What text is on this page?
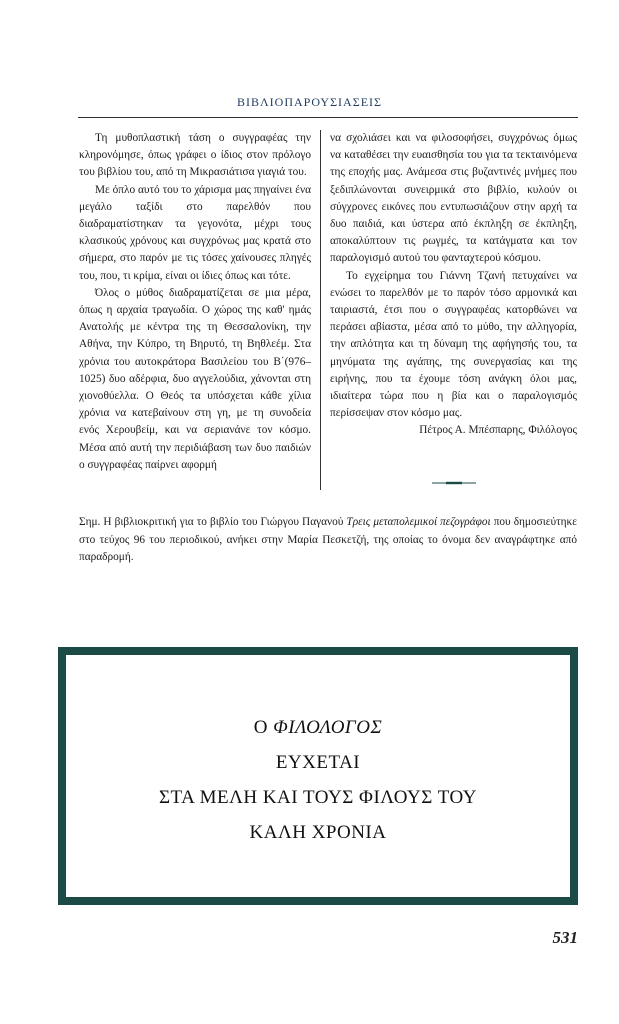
ΒΙΒΛΙΟΠΑΡΟΥΣΙΑΣΕΙΣ

Τη μυθοπλαστική τάση ο συγγραφέας την κληρονόμησε, όπως γράφει ο ίδιος στον πρόλογο του βιβλίου του, από τη Μικρασιάτισα γιαγιά του.

Με όπλο αυτό του το χάρισμα μας πηγαίνει ένα μεγάλο ταξίδι στο παρελθόν που διαδραματίστηκαν τα γεγονότα, μέχρι τους κλασικούς χρόνους και συγχρόνως μας κρατά στο σήμερα, στο παρόν με τις τόσες χαίνουσες πληγές του, που, τι κρίμα, είναι οι ίδιες όπως και τότε.

Όλος ο μύθος διαδραματίζεται σε μια μέρα, όπως η αρχαία τραγωδία. Ο χώρος της καθ' ημάς Ανατολής με κέντρα της τη Θεσσαλονίκη, την Αθήνα, την Κύπρο, τη Βηρυτό, τη Βηθλεέμ. Στα χρόνια του αυτοκράτορα Βασιλείου του Β΄(976–1025) δυο αδέρφια, δυο αγγελούδια, χάνονται στη χιονοθύελλα. Ο Θεός τα υπόσχεται κάθε χίλια χρόνια να κατεβαίνουν στη γη, με τη συνοδεία ενός Χερουβείμ, και να σεριανάνε τον κόσμο. Μέσα από αυτή την περιδιάβαση των δυο παιδιών ο συγγραφέας παίρνει αφορμή

να σχολιάσει και να φιλοσοφήσει, συγχρόνως όμως να καταθέσει την ευαισθησία του για τα τεκταινόμενα της εποχής μας. Ανάμεσα στις βυζαντινές μνήμες που ξεδιπλώνονται συνειρμικά στο βιβλίο, κυλούν οι σύγχρονες εικόνες που εντυπωσιάζουν στην αρχή τα δυο παιδιά, και ύστερα από έκπληξη σε έκπληξη, αποκαλύπτουν τις ρωγμές, τα κατάγματα και τον παραλογισμό αυτού του φανταχτερού κόσμου.

Το εγχείρημα του Γιάννη Τζανή πετυχαίνει να ενώσει το παρελθόν με το παρόν τόσο αρμονικά και ταιριαστά, έτσι που ο συγγραφέας κατορθώνει να περάσει αβίαστα, μέσα από το μύθο, την αλληγορία, την απλότητα και τη δύναμη της αφήγησής του, τα μηνύματα της αγάπης, της συνεργασίας και της ειρήνης, που τα έχουμε τόση ανάγκη όλοι μας, ιδιαίτερα τώρα που η βία και ο παραλογισμός περίσσεψαν στον κόσμο μας.

Πέτρος Α. Μπέσπαρης, Φιλόλογος

Σημ. Η βιβλιοκριτική για το βιβλίο του Γιώργου Παγανού Τρεις μεταπολεμικοί πεζογράφοι που δημοσιεύτηκε στο τεύχος 96 του περιοδικού, ανήκει στην Μαρία Πεσκετζή, της οποίας το όνομα δεν αναγράφτηκε από παραδρομή.
Ο ΦΙΛΟΛΟΓΟΣ
ΕΥΧΕΤΑΙ
ΣΤΑ ΜΕΛΗ ΚΑΙ ΤΟΥΣ ΦΙΛΟΥΣ ΤΟΥ
ΚΑΛΗ ΧΡΟΝΙΑ
531
